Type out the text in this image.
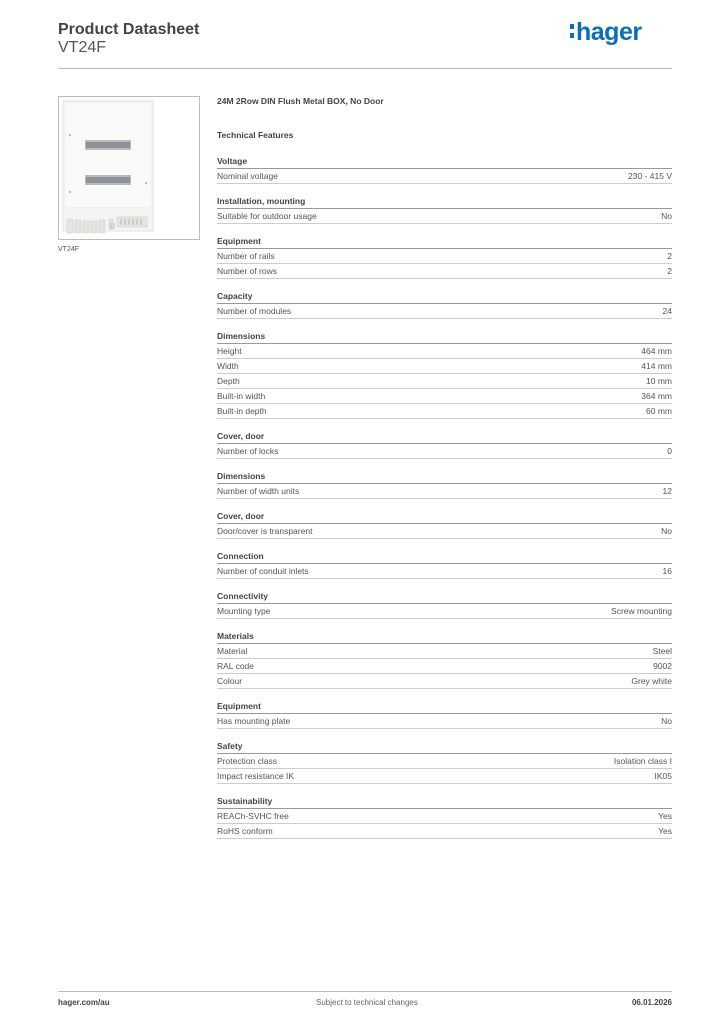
Product Datasheet
VT24F
hager
VT24F
24M 2Row DIN Flush Metal BOX, No Door
Technical Features
Voltage
Nominal voltage	230 - 415 V
Installation, mounting
Suitable for outdoor usage	No
Equipment
Number of rails	2
Number of rows	2
Capacity
Number of modules	24
Dimensions
Height	464 mm
Width	414 mm
Depth	10 mm
Built-in width	364 mm
Built-in depth	60 mm
Cover, door
Number of locks	0
Dimensions
Number of width units	12
Cover, door
Door/cover is transparent	No
Connection
Number of conduit inlets	16
Connectivity
Mounting type	Screw mounting
Materials
Material	Steel
RAL code	9002
Colour	Grey white
Equipment
Has mounting plate	No
Safety
Protection class	Isolation class I
Impact resistance IK	IK05
Sustainability
REACh-SVHC free	Yes
RoHS conform	Yes
hager.com/au	Subject to technical changes	06.01.2026
